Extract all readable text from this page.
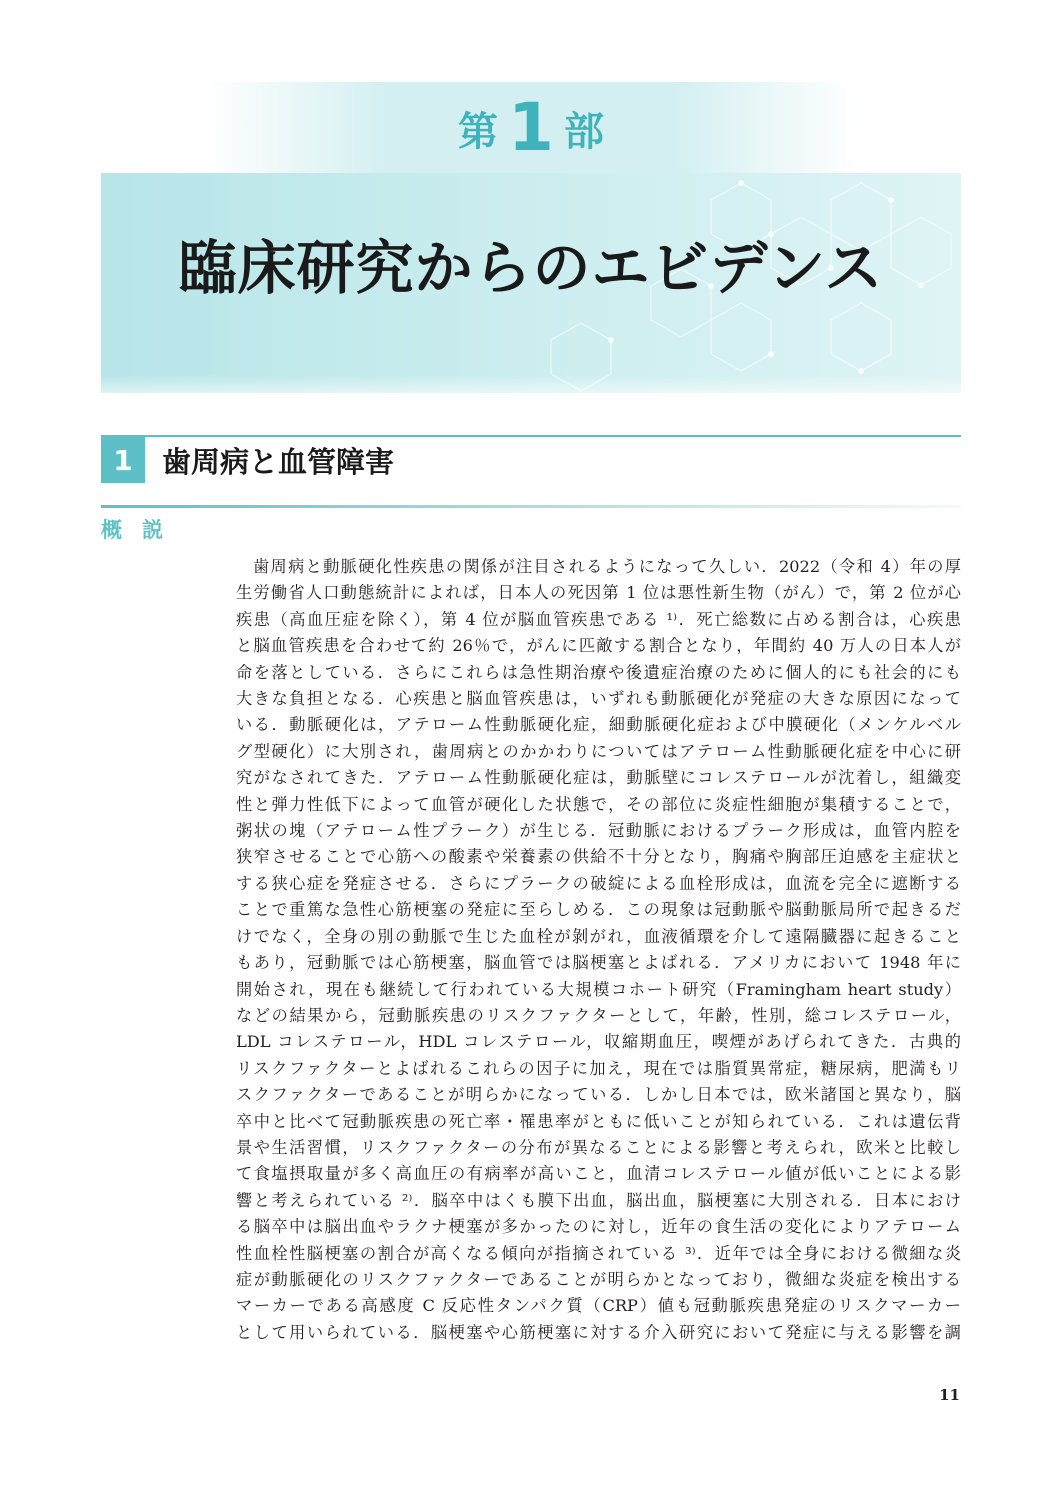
第 1 部
臨床研究からのエビデンス
1	歯周病と血管障害
概説
歯周病と動脈硬化性疾患の関係が注目されるようになって久しい．2022（令和 4）年の厚
生労働省人口動態統計によれば，日本人の死因第 1 位は悪性新生物（がん）で，第 2 位が心
疾患（高血圧症を除く），第 4 位が脳血管疾患である ¹⁾．死亡総数に占める割合は，心疾患
と脳血管疾患を合わせて約 26％で，がんに匹敵する割合となり，年間約 40 万人の日本人が
命を落としている．さらにこれらは急性期治療や後遺症治療のために個人的にも社会的にも
大きな負担となる．心疾患と脳血管疾患は，いずれも動脈硬化が発症の大きな原因になって
いる．動脈硬化は，アテローム性動脈硬化症，細動脈硬化症および中膜硬化（メンケルベル
グ型硬化）に大別され，歯周病とのかかわりについてはアテローム性動脈硬化症を中心に研
究がなされてきた．アテローム性動脈硬化症は，動脈壁にコレステロールが沈着し，組織変
性と弾力性低下によって血管が硬化した状態で，その部位に炎症性細胞が集積することで，
粥状の塊（アテローム性プラーク）が生じる．冠動脈におけるプラーク形成は，血管内腔を
狭窄させることで心筋への酸素や栄養素の供給不十分となり，胸痛や胸部圧迫感を主症状と
する狭心症を発症させる．さらにプラークの破綻による血栓形成は，血流を完全に遮断する
ことで重篤な急性心筋梗塞の発症に至らしめる．この現象は冠動脈や脳動脈局所で起きるだ
けでなく，全身の別の動脈で生じた血栓が剝がれ，血液循環を介して遠隔臓器に起きること
もあり，冠動脈では心筋梗塞，脳血管では脳梗塞とよばれる．アメリカにおいて 1948 年に
開始され，現在も継続して行われている大規模コホート研究（Framingham heart study）
などの結果から，冠動脈疾患のリスクファクターとして，年齢，性別，総コレステロール，
LDL コレステロール，HDL コレステロール，収縮期血圧，喫煙があげられてきた．古典的
リスクファクターとよばれるこれらの因子に加え，現在では脂質異常症，糖尿病，肥満もリ
スクファクターであることが明らかになっている．しかし日本では，欧米諸国と異なり，脳
卒中と比べて冠動脈疾患の死亡率・罹患率がともに低いことが知られている．これは遺伝背
景や生活習慣，リスクファクターの分布が異なることによる影響と考えられ，欧米と比較し
て食塩摂取量が多く高血圧の有病率が高いこと，血清コレステロール値が低いことによる影
響と考えられている ²⁾．脳卒中はくも膜下出血，脳出血，脳梗塞に大別される．日本におけ
る脳卒中は脳出血やラクナ梗塞が多かったのに対し，近年の食生活の変化によりアテローム
性血栓性脳梗塞の割合が高くなる傾向が指摘されている ³⁾．近年では全身における微細な炎
症が動脈硬化のリスクファクターであることが明らかとなっており，微細な炎症を検出する
マーカーである高感度 C 反応性タンパク質（CRP）値も冠動脈疾患発症のリスクマーカー
として用いられている．脳梗塞や心筋梗塞に対する介入研究において発症に与える影響を調
11
